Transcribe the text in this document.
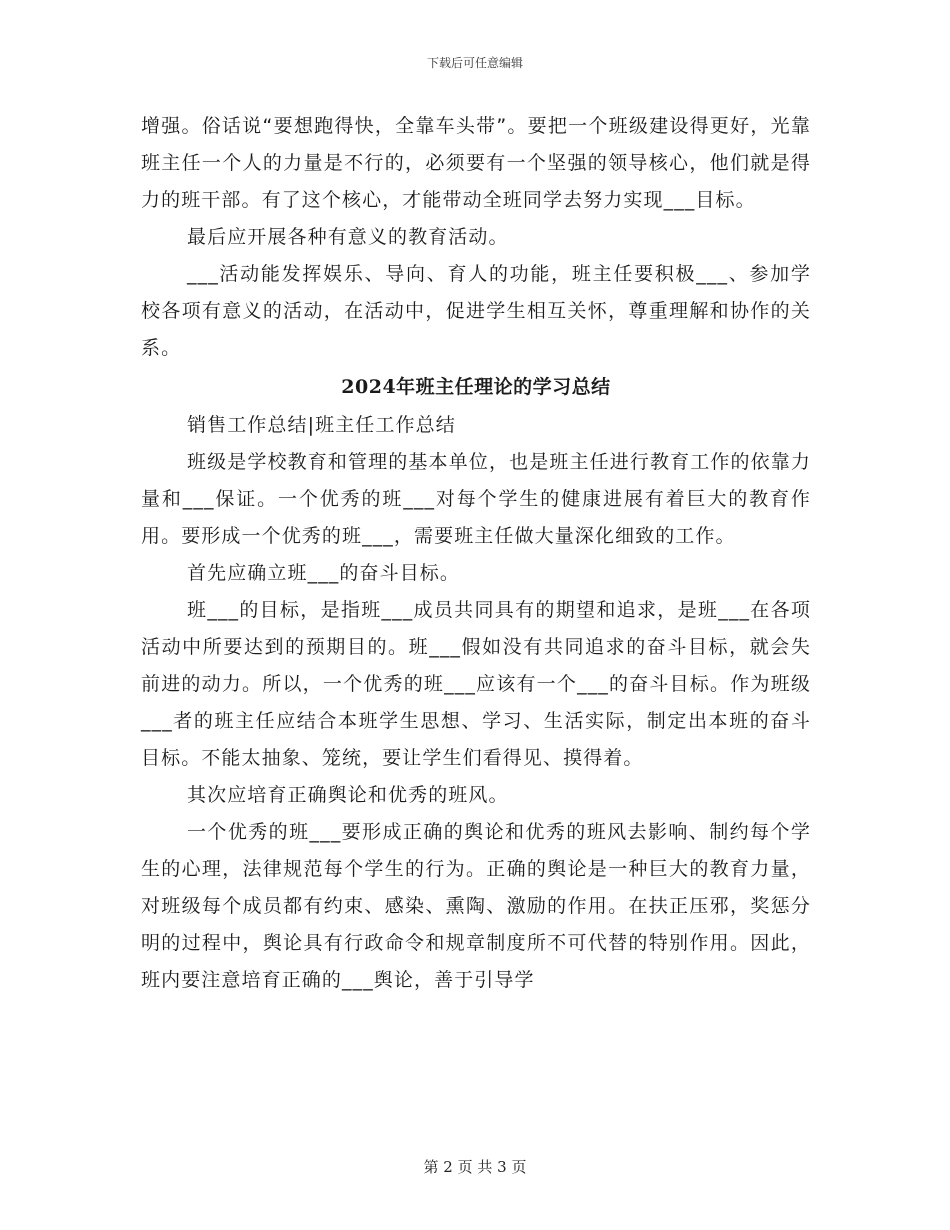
下载后可任意编辑

增强。俗话说“要想跑得快，全靠车头带”。要把一个班级建设得更好，光靠班主任一个人的力量是不行的，必须要有一个坚强的领导核心，他们就是得力的班干部。有了这个核心，才能带动全班同学去努力实现___目标。

最后应开展各种有意义的教育活动。

___活动能发挥娱乐、导向、育人的功能，班主任要积极___、参加学校各项有意义的活动，在活动中，促进学生相互关怀，尊重理解和协作的关系。

2024年班主任理论的学习总结

销售工作总结|班主任工作总结

班级是学校教育和管理的基本单位，也是班主任进行教育工作的依靠力量和___保证。一个优秀的班___对每个学生的健康进展有着巨大的教育作用。要形成一个优秀的班___，需要班主任做大量深化细致的工作。

首先应确立班___的奋斗目标。

班___的目标，是指班___成员共同具有的期望和追求，是班___在各项活动中所要达到的预期目的。班___假如没有共同追求的奋斗目标，就会失前进的动力。所以，一个优秀的班___应该有一个___的奋斗目标。作为班级___者的班主任应结合本班学生思想、学习、生活实际，制定出本班的奋斗目标。不能太抽象、笼统，要让学生们看得见、摸得着。

其次应培育正确舆论和优秀的班风。

一个优秀的班___要形成正确的舆论和优秀的班风去影响、制约每个学生的心理，法律规范每个学生的行为。正确的舆论是一种巨大的教育力量，对班级每个成员都有约束、感染、熏陶、激励的作用。在扶正压邪，奖惩分明的过程中，舆论具有行政命令和规章制度所不可代替的特别作用。因此，班内要注意培育正确的___舆论，善于引导学

第 2 页 共 3 页
